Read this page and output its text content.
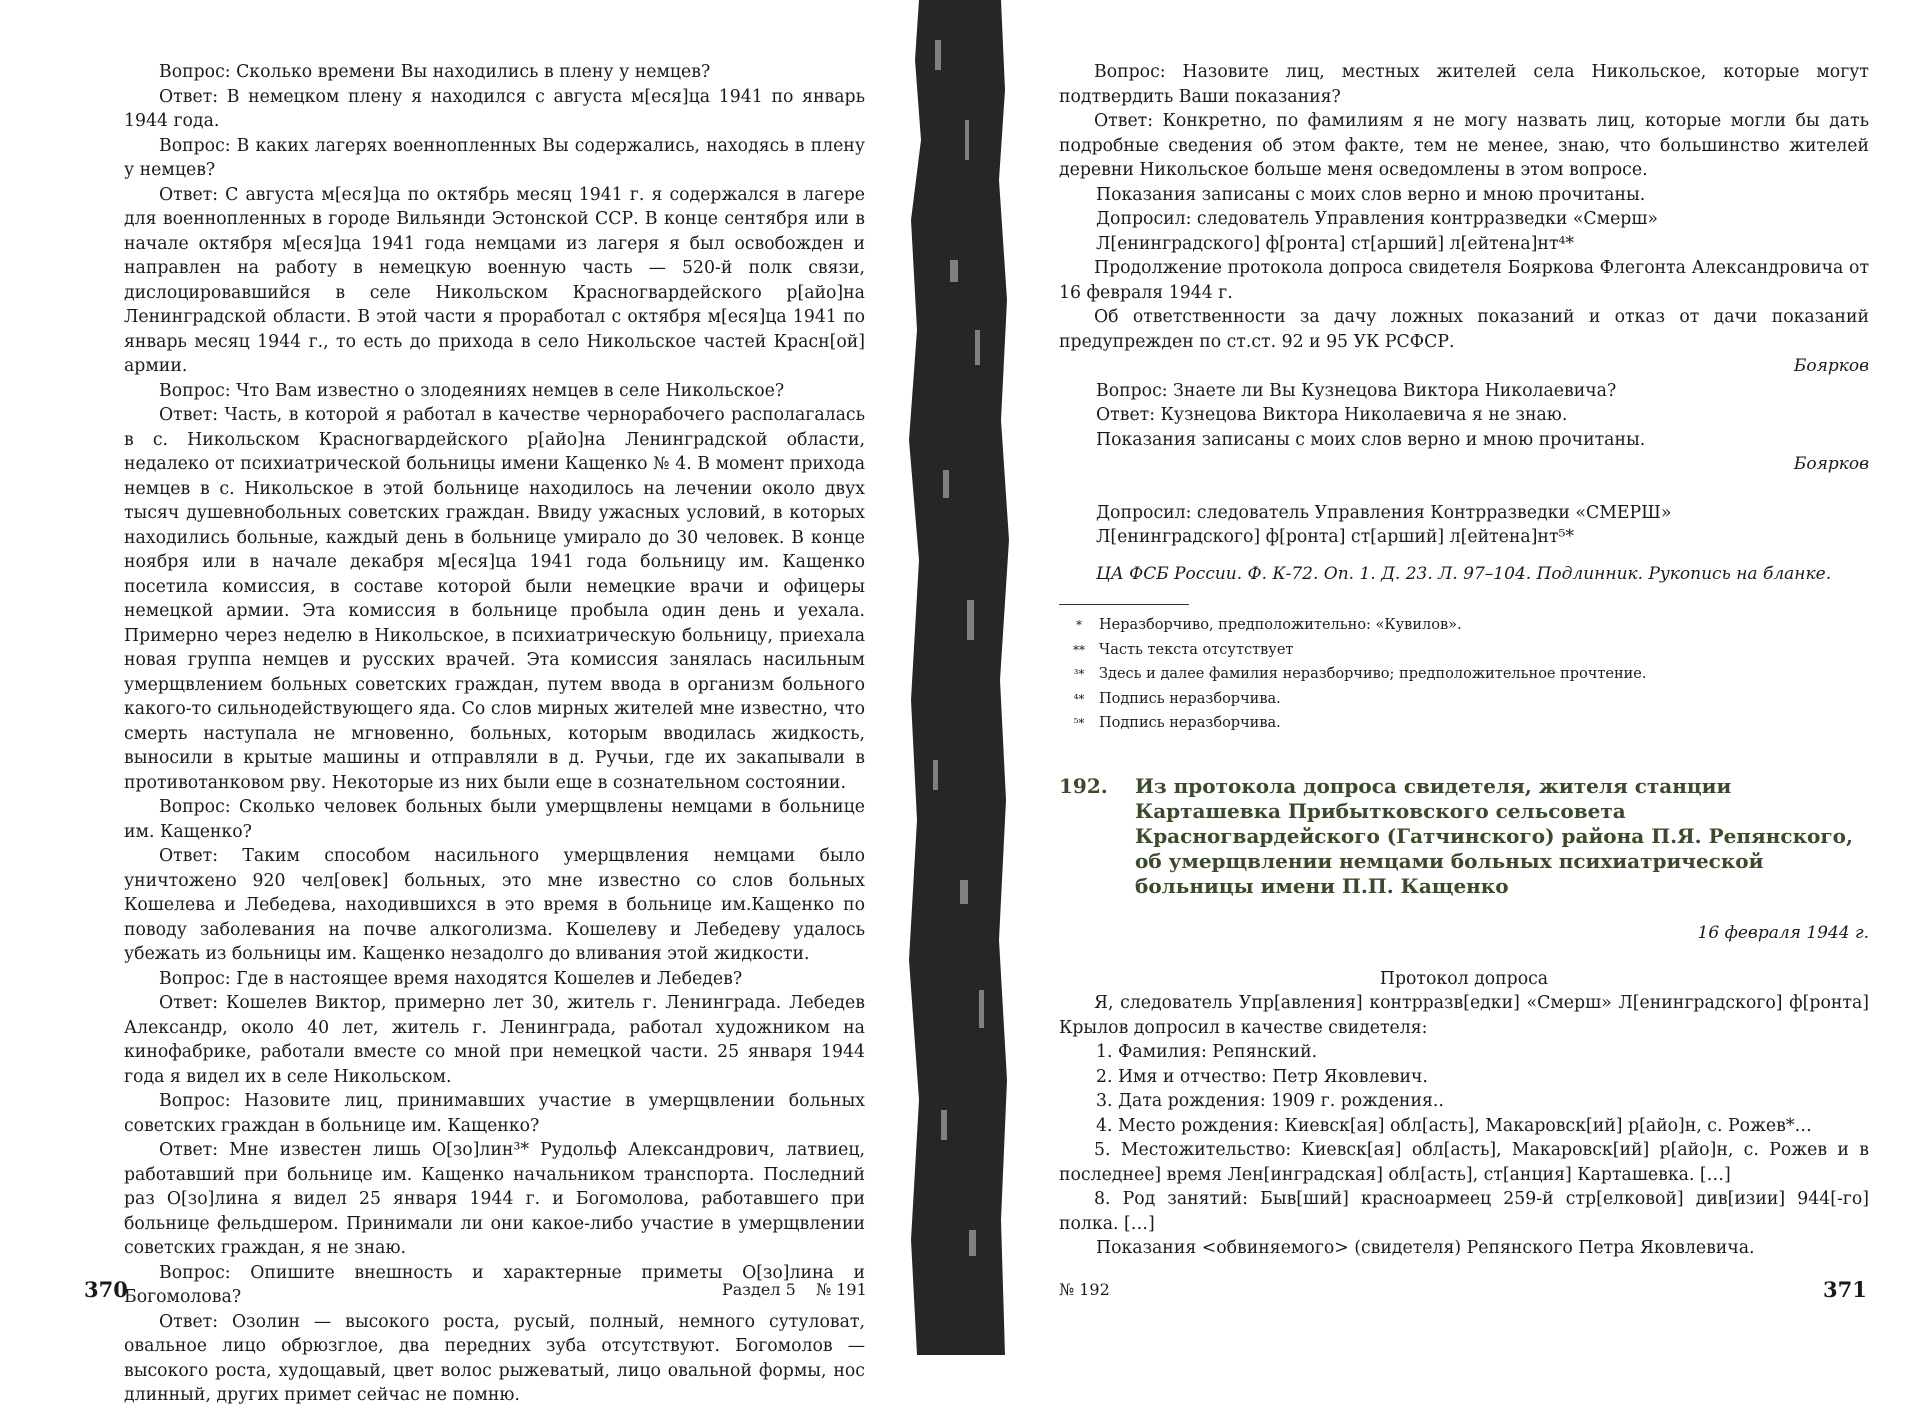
Вопрос: Сколько времени Вы находились в плену у немцев?

Ответ: В немецком плену я находился с августа м[еся]ца 1941 по январь 1944 года.

Вопрос: В каких лагерях военнопленных Вы содержались, находясь в плену у немцев?

Ответ: С августа м[еся]ца по октябрь месяц 1941 г. я содержался в лагере для военнопленных в городе Вильянди Эстонской ССР. В конце сентября или в начале октября м[еся]ца 1941 года немцами из лагеря я был освобожден и направлен на работу в немецкую военную часть — 520-й полк связи, дислоцировавшийся в селе Никольском Красногвардейского р[айо]на Ленинградской области. В этой части я проработал с октября м[еся]ца 1941 по январь месяц 1944 г., то есть до прихода в село Никольское частей Красн[ой] армии.

Вопрос: Что Вам известно о злодеяниях немцев в селе Никольское?

Ответ: Часть, в которой я работал в качестве чернорабочего располагалась в с. Никольском Красногвардейского р[айо]на Ленинградской области, недалеко от психиатрической больницы имени Кащенко № 4. В момент прихода немцев в с. Никольское в этой больнице находилось на лечении около двух тысяч душевнобольных советских граждан. Ввиду ужасных условий, в которых находились больные, каждый день в больнице умирало до 30 человек. В конце ноября или в начале декабря м[еся]ца 1941 года больницу им. Кащенко посетила комиссия, в составе которой были немецкие врачи и офицеры немецкой армии. Эта комиссия в больнице пробыла один день и уехала. Примерно через неделю в Никольское, в психиатрическую больницу, приехала новая группа немцев и русских врачей. Эта комиссия занялась насильным умерщвлением больных советских граждан, путем ввода в организм больного какого-то сильнодействующего яда. Со слов мирных жителей мне известно, что смерть наступала не мгновенно, больных, которым вводилась жидкость, выносили в крытые машины и отправляли в д. Ручьи, где их закапывали в противотанковом рву. Некоторые из них были еще в сознательном состоянии.

Вопрос: Сколько человек больных были умерщвлены немцами в больнице им. Кащенко?

Ответ: Таким способом насильного умерщвления немцами было уничтожено 920 чел[овек] больных, это мне известно со слов больных Кошелева и Лебедева, находившихся в это время в больнице им.Кащенко по поводу заболевания на почве алкоголизма. Кошелеву и Лебедеву удалось убежать из больницы им. Кащенко незадолго до вливания этой жидкости.

Вопрос: Где в настоящее время находятся Кошелев и Лебедев?

Ответ: Кошелев Виктор, примерно лет 30, житель г. Ленинграда. Лебедев Александр, около 40 лет, житель г. Ленинграда, работал художником на кинофабрике, работали вместе со мной при немецкой части. 25 января 1944 года я видел их в селе Никольском.

Вопрос: Назовите лиц, принимавших участие в умерщвлении больных советских граждан в больнице им. Кащенко?

Ответ: Мне известен лишь О[зо]лин³* Рудольф Александрович, латвиец, работавший при больнице им. Кащенко начальником транспорта. Последний раз О[зо]лина я видел 25 января 1944 г. и Богомолова, работавшего при больнице фельдшером. Принимали ли они какое-либо участие в умерщвлении советских граждан, я не знаю.

Вопрос: Опишите внешность и характерные приметы О[зо]лина и Богомолова?

Ответ: Озолин — высокого роста, русый, полный, немного сутуловат, овальное лицо обрюзглое, два передних зуба отсутствуют. Богомолов — высокого роста, худощавый, цвет волос рыжеватый, лицо овальной формы, нос длинный, других примет сейчас не помню.

370	Раздел 5 № 191

Вопрос: Назовите лиц, местных жителей села Никольское, которые могут подтвердить Ваши показания?

Ответ: Конкретно, по фамилиям я не могу назвать лиц, которые могли бы дать подробные сведения об этом факте, тем не менее, знаю, что большинство жителей деревни Никольское больше меня осведомлены в этом вопросе.

Показания записаны с моих слов верно и мною прочитаны.

Допросил: следователь Управления контрразведки «Смерш»

Л[енинградского] ф[ронта] ст[арший] л[ейтена]нт⁴*

Продолжение протокола допроса свидетеля Бояркова Флегонта Александровича от 16 февраля 1944 г.

Об ответственности за дачу ложных показаний и отказ от дачи показаний предупрежден по ст.ст. 92 и 95 УК РСФСР.

Боярков

Вопрос: Знаете ли Вы Кузнецова Виктора Николаевича?

Ответ: Кузнецова Виктора Николаевича я не знаю.

Показания записаны с моих слов верно и мною прочитаны.

Боярков

Допросил: следователь Управления Контрразведки «СМЕРШ»

Л[енинградского] ф[ронта] ст[арший] л[ейтена]нт⁵*

ЦА ФСБ России. Ф. К-72. Оп. 1. Д. 23. Л. 97–104. Подлинник. Рукопись на бланке.

*	Неразборчиво, предположительно: «Кувилов».
** Часть текста отсутствует
³*	Здесь и далее фамилия неразборчиво; предположительное прочтение.
⁴*	Подпись неразборчива.
⁵*	Подпись неразборчива.
192.	Из протокола допроса свидетеля, жителя станции Карташевка Прибытковского сельсовета Красногвардейского (Гатчинского) района П.Я. Репянского, об умерщвлении немцами больных психиатрической больницы имени П.П. Кащенко

16 февраля 1944 г.

Протокол допроса

Я, следователь Упр[авления] контрразв[едки] «Смерш» Л[енинградского] ф[ронта] Крылов допросил в качестве свидетеля:

1. Фамилия: Репянский.

2. Имя и отчество: Петр Яковлевич.

3. Дата рождения: 1909 г. рождения..

4. Место рождения: Киевск[ая] обл[асть], Макаровск[ий] р[айо]н, с. Рожев*…

5. Местожительство: Киевск[ая] обл[асть], Макаровск[ий] р[айо]н, с. Рожев и в последнее] время Лен[инградская] обл[асть], ст[анция] Карташевка. […]

8. Род занятий: Быв[ший] красноармеец 259-й стр[елковой] див[изии] 944[-го] полка. […]

Показания <обвиняемого> (свидетеля) Репянского Петра Яковлевича.

№ 192	371
